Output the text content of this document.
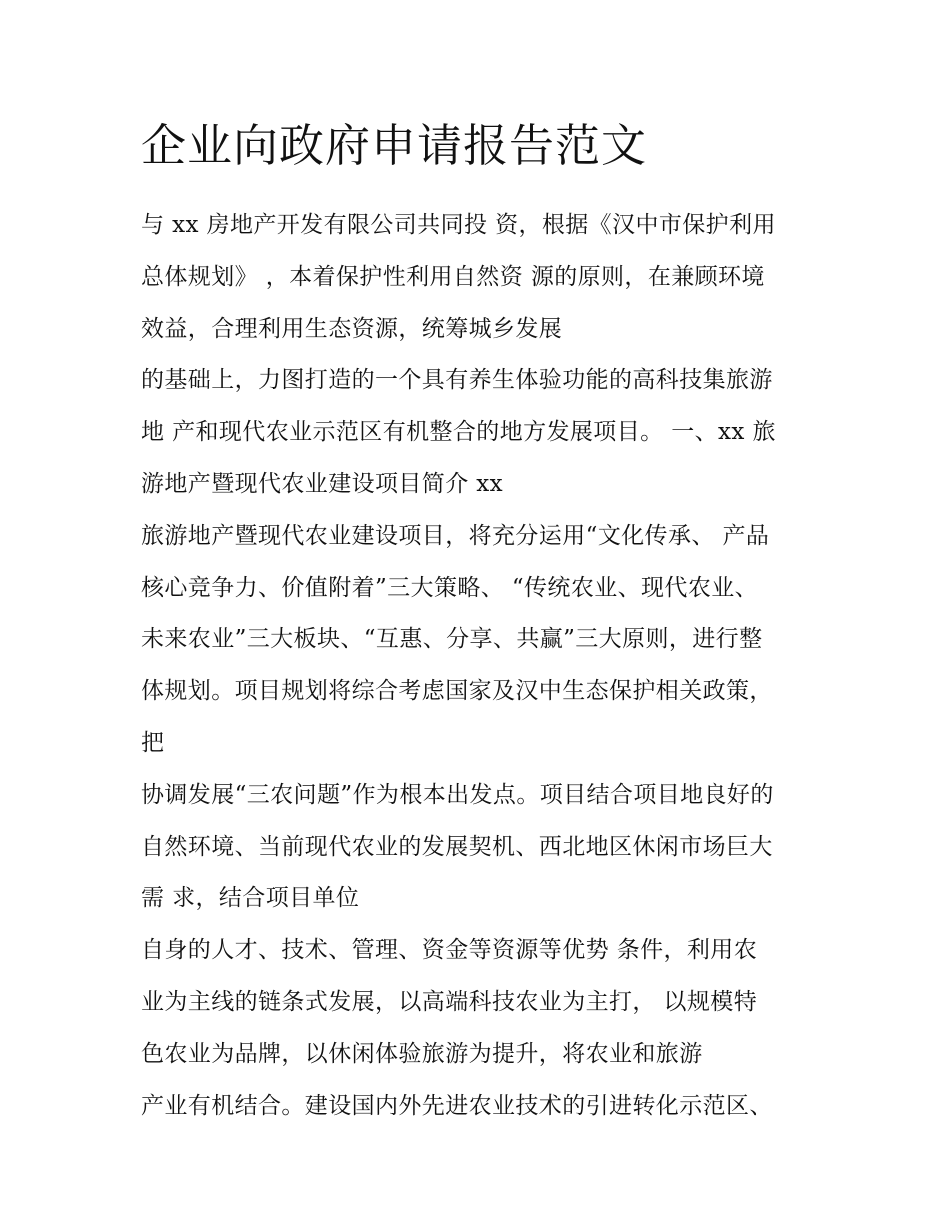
企业向政府申请报告范文
与 xx 房地产开发有限公司共同投 资，根据《汉中市保护利用
总体规划》 ，本着保护性利用自然资 源的原则，在兼顾环境
效益，合理利用生态资源，统筹城乡发展
的基础上，力图打造的一个具有养生体验功能的高科技集旅游
地 产和现代农业示范区有机整合的地方发展项目。 一、xx 旅
游地产暨现代农业建设项目简介 xx
旅游地产暨现代农业建设项目，将充分运用“文化传承、 产品
核心竞争力、价值附着”三大策略、 “传统农业、现代农业、
未来农业”三大板块、“互惠、分享、共赢”三大原则，进行整
体规划。项目规划将综合考虑国家及汉中生态保护相关政策，
把
协调发展“三农问题”作为根本出发点。项目结合项目地良好的
自然环境、当前现代农业的发展契机、西北地区休闲市场巨大
需 求，结合项目单位
自身的人才、技术、管理、资金等资源等优势 条件，利用农
业为主线的链条式发展，以高端科技农业为主打， 以规模特
色农业为品牌，以休闲体验旅游为提升，将农业和旅游
产业有机结合。建设国内外先进农业技术的引进转化示范区、
